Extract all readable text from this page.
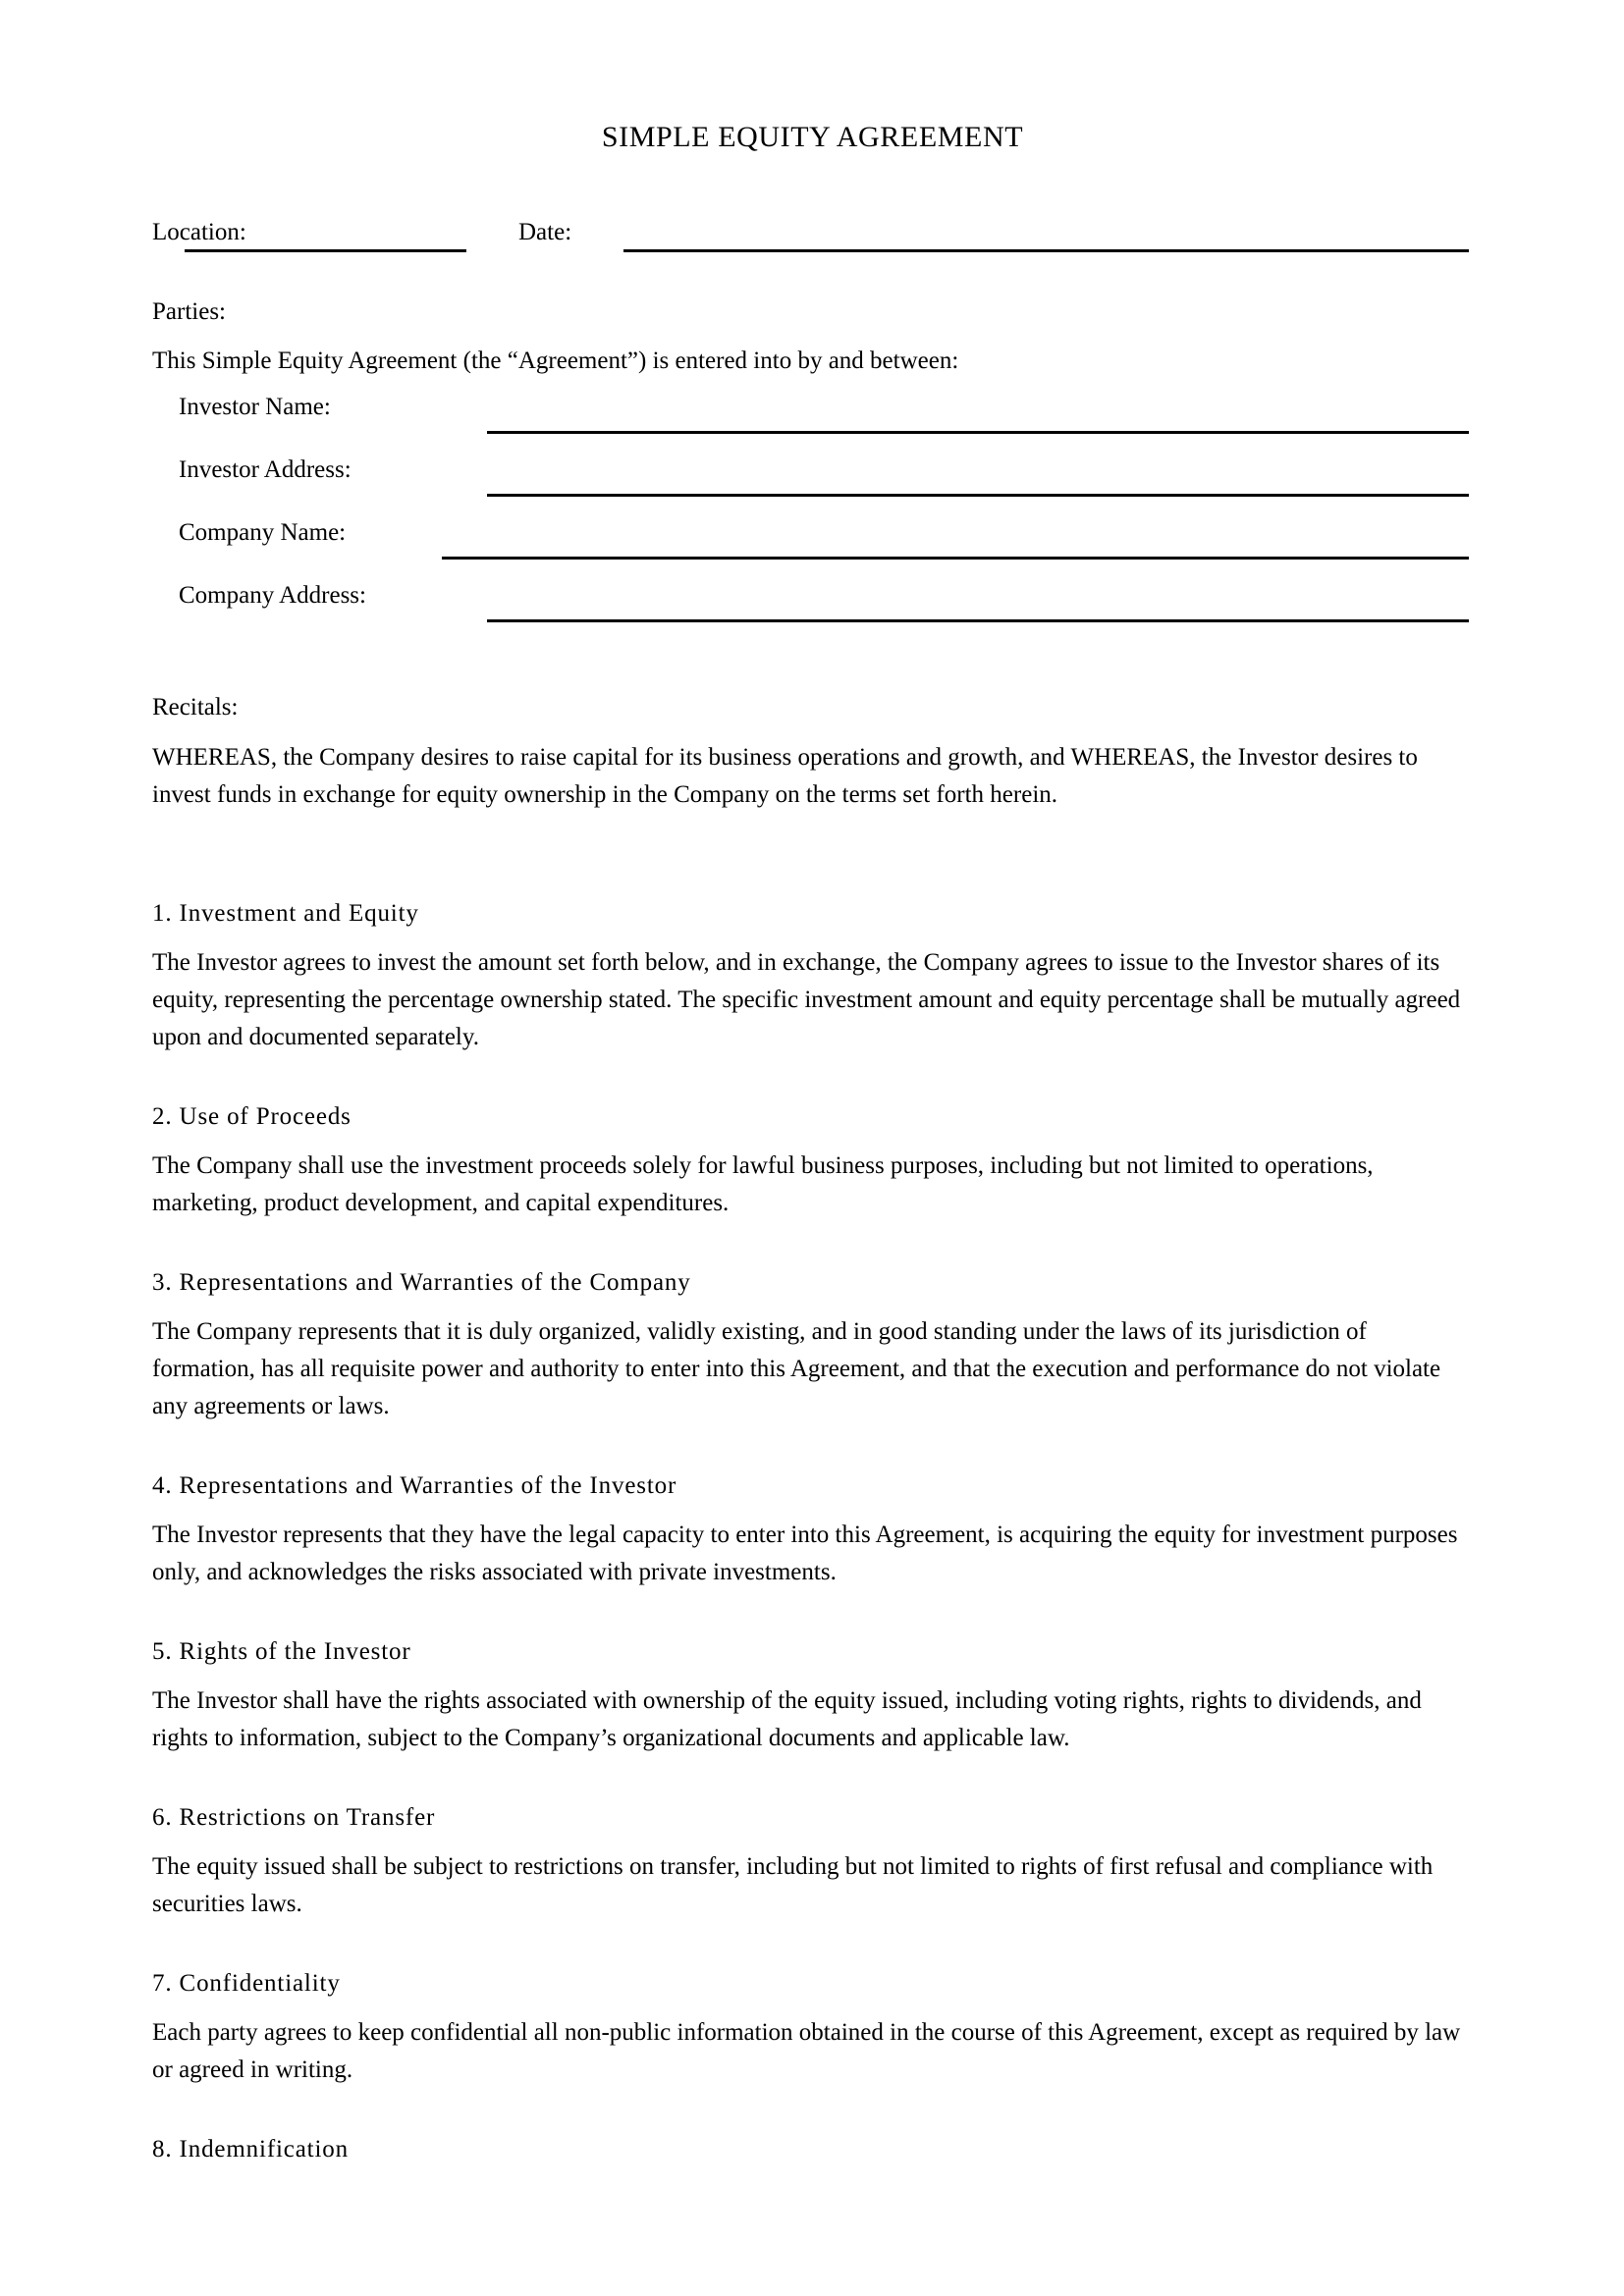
SIMPLE EQUITY AGREEMENT
Location:	Date:

Parties:

This Simple Equity Agreement (the “Agreement”) is entered into by and between:

Investor Name:
Investor Address:
Company Name:
Company Address:

Recitals:

WHEREAS, the Company desires to raise capital for its business operations and growth, and WHEREAS, the Investor desires to invest funds in exchange for equity ownership in the Company on the terms set forth herein.

1. Investment and Equity

The Investor agrees to invest the amount set forth below, and in exchange, the Company agrees to issue to the Investor shares of its equity, representing the percentage ownership stated. The specific investment amount and equity percentage shall be mutually agreed upon and documented separately.

2. Use of Proceeds

The Company shall use the investment proceeds solely for lawful business purposes, including but not limited to operations, marketing, product development, and capital expenditures.

3. Representations and Warranties of the Company

The Company represents that it is duly organized, validly existing, and in good standing under the laws of its jurisdiction of formation, has all requisite power and authority to enter into this Agreement, and that the execution and performance do not violate any agreements or laws.

4. Representations and Warranties of the Investor

The Investor represents that they have the legal capacity to enter into this Agreement, is acquiring the equity for investment purposes only, and acknowledges the risks associated with private investments.

5. Rights of the Investor

The Investor shall have the rights associated with ownership of the equity issued, including voting rights, rights to dividends, and rights to information, subject to the Company’s organizational documents and applicable law.

6. Restrictions on Transfer

The equity issued shall be subject to restrictions on transfer, including but not limited to rights of first refusal and compliance with securities laws.

7. Confidentiality

Each party agrees to keep confidential all non-public information obtained in the course of this Agreement, except as required by law or agreed in writing.

8. Indemnification
